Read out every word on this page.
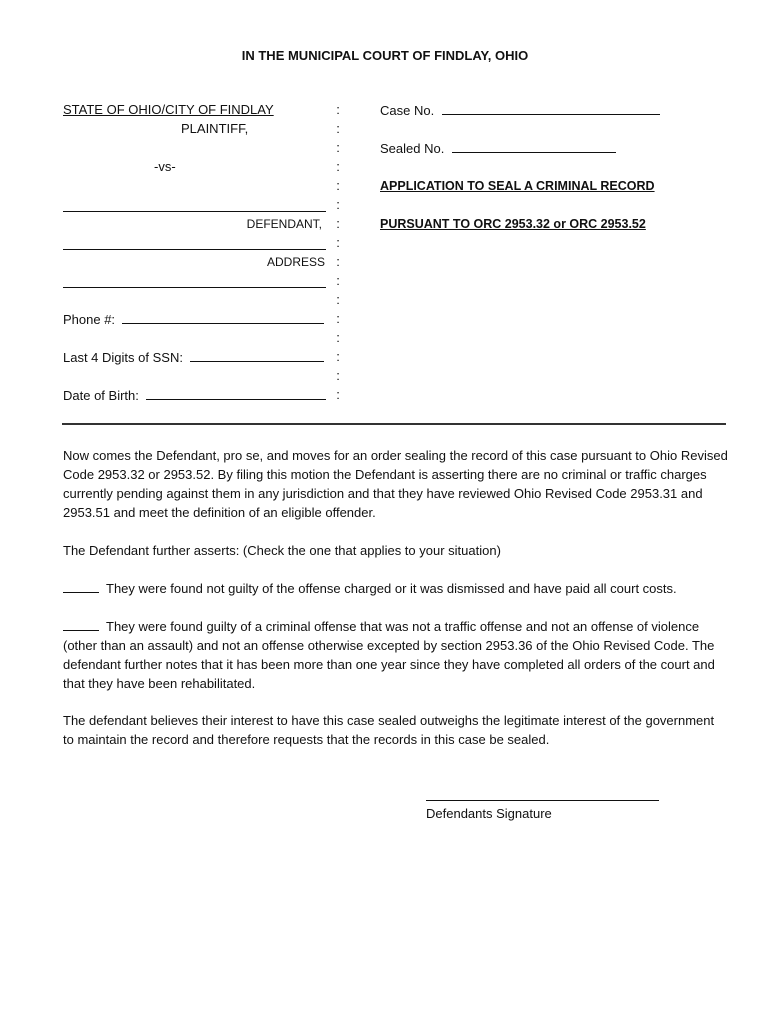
IN THE MUNICIPAL COURT OF FINDLAY, OHIO
STATE OF OHIO/CITY OF FINDLAY
PLAINTIFF,
-vs-
DEFENDANT,
ADDRESS
Phone #:
Last 4 Digits of SSN:
Date of Birth:
:
:
:
:
:
:
:
:
:
:
:
:
:
:
:
:
Case No.
Sealed No.
APPLICATION TO SEAL A CRIMINAL RECORD
PURSUANT TO ORC 2953.32 or ORC 2953.52
Now comes the Defendant, pro se, and moves for an order sealing the record of this case pursuant to Ohio Revised Code 2953.32 or 2953.52. By filing this motion the Defendant is asserting there are no criminal or traffic charges currently pending against them in any jurisdiction and that they have reviewed Ohio Revised Code 2953.31 and 2953.51 and meet the definition of an eligible offender.
The Defendant further asserts: (Check the one that applies to your situation)
They were found not guilty of the offense charged or it was dismissed and have paid all court costs.
They were found guilty of a criminal offense that was not a traffic offense and not an offense of violence (other than an assault) and not an offense otherwise excepted by section 2953.36 of the Ohio Revised Code. The defendant further notes that it has been more than one year since they have completed all orders of the court and that they have been rehabilitated.
The defendant believes their interest to have this case sealed outweighs the legitimate interest of the government to maintain the record and therefore requests that the records in this case be sealed.
Defendants Signature
